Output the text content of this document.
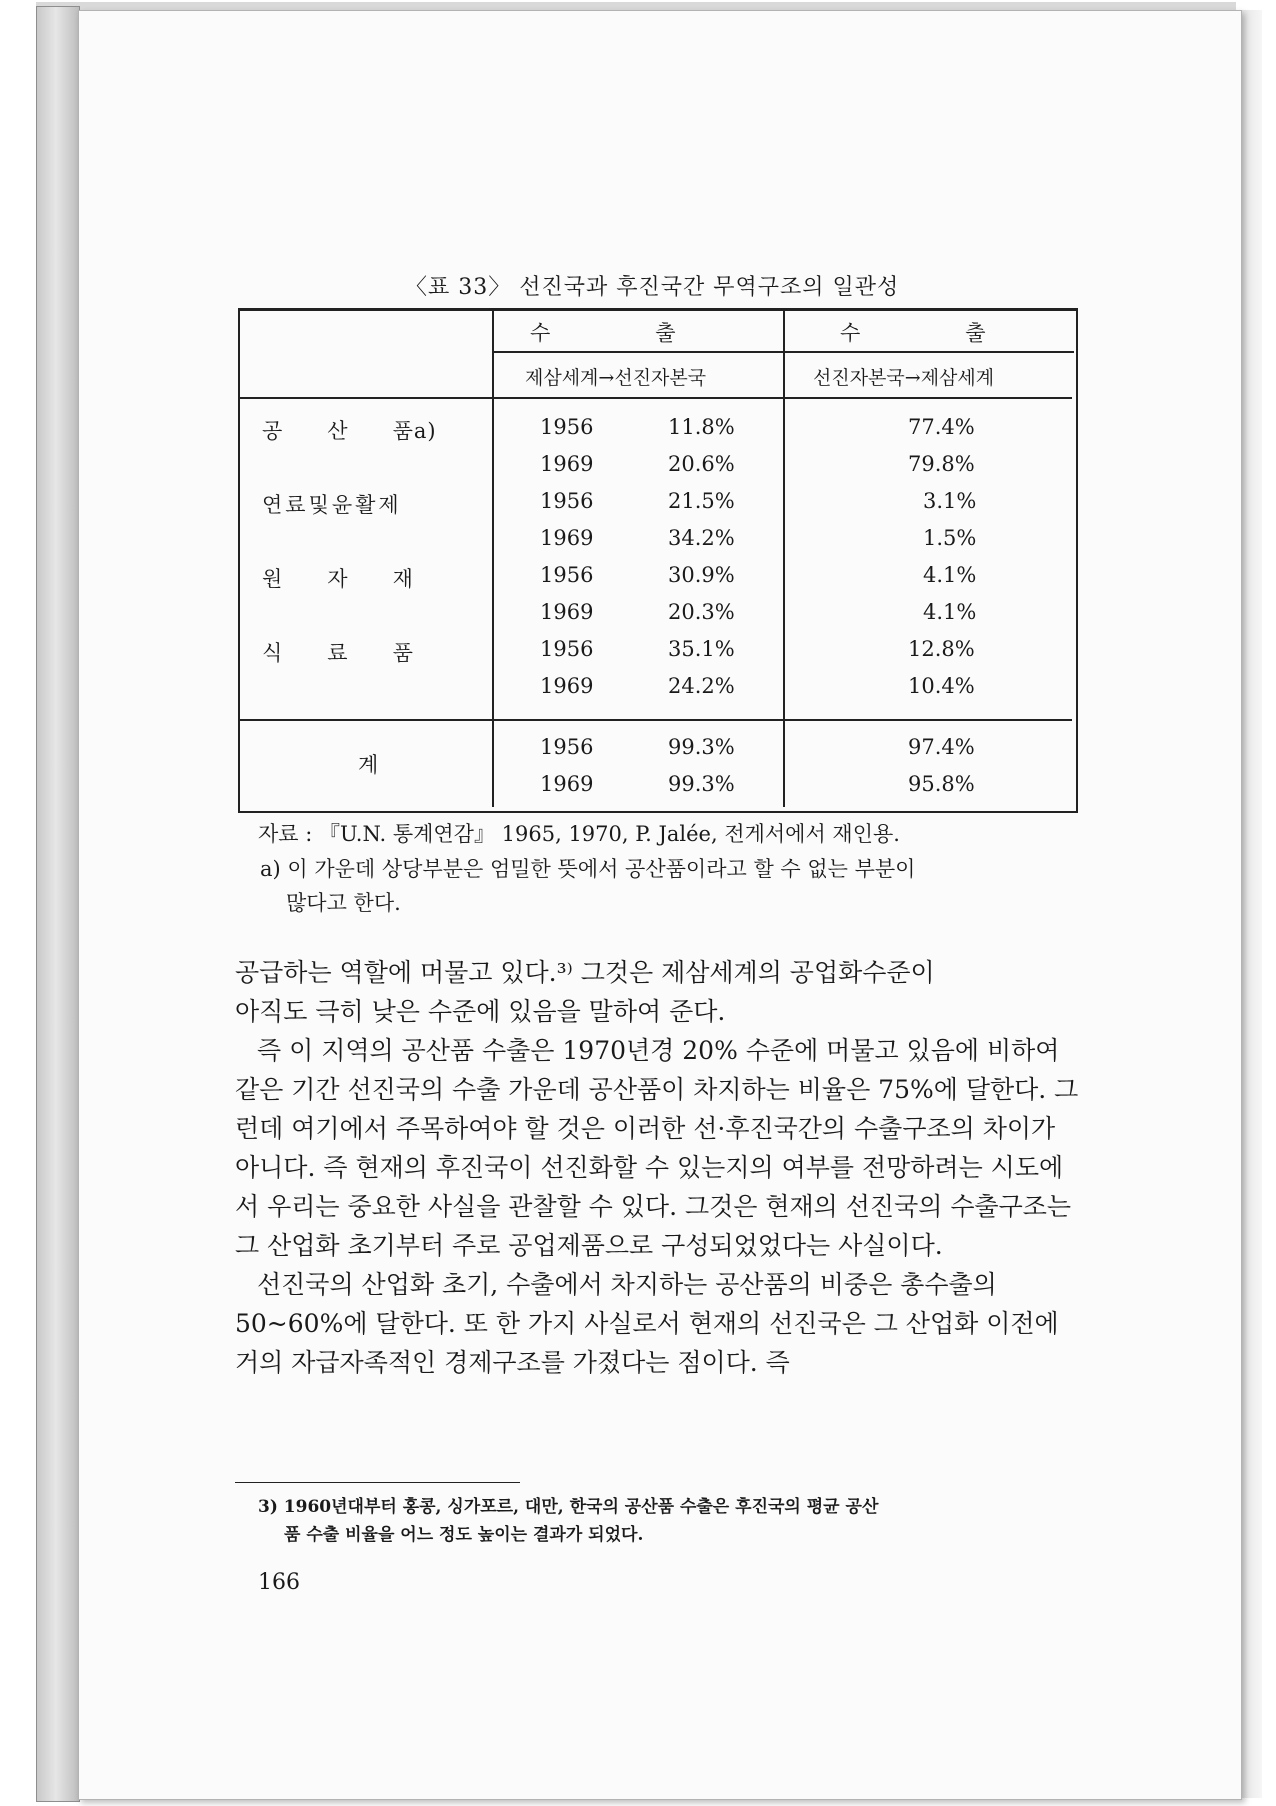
〈표 33〉 선진국과 후진국간 무역구조의 일관성
수　　　　　출	수　　　　　출
제삼세계→선진자본국	선진자본국→제삼세계
공　　산　　품a)	1956	11.8%	77.4%
1969	20.6%	79.8%
연료및윤활제	1956	21.5%	3.1%
1969	34.2%	1.5%
원　　자　　재	1956	30.9%	4.1%
1969	20.3%	4.1%
식　　료　　품	1956	35.1%	12.8%
1969	24.2%	10.4%
계
1956	99.3%	97.4%
1969	99.3%	95.8%
자료 : 『U.N. 통계연감』 1965, 1970, P. Jalée, 전게서에서 재인용.
a) 이 가운데 상당부분은 엄밀한 뜻에서 공산품이라고 할 수 없는 부분이
많다고 한다.

공급하는 역할에 머물고 있다.³⁾ 그것은 제삼세계의 공업화수준이

아직도 극히 낮은 수준에 있음을 말하여 준다.

즉 이 지역의 공산품 수출은 1970년경 20% 수준에 머물고 있음에 비하여 같은 기간 선진국의 수출 가운데 공산품이 차지하는 비율은 75%에 달한다. 그런데 여기에서 주목하여야 할 것은 이러한 선·후진국간의 수출구조의 차이가 아니다. 즉 현재의 후진국이 선진화할 수 있는지의 여부를 전망하려는 시도에서 우리는 중요한 사실을 관찰할 수 있다. 그것은 현재의 선진국의 수출구조는 그 산업화 초기부터 주로 공업제품으로 구성되었었다는 사실이다.

선진국의 산업화 초기, 수출에서 차지하는 공산품의 비중은 총수출의 50~60%에 달한다. 또 한 가지 사실로서 현재의 선진국은 그 산업화 이전에 거의 자급자족적인 경제구조를 가졌다는 점이다. 즉

3) 1960년대부터 홍콩, 싱가포르, 대만, 한국의 공산품 수출은 후진국의 평균 공산
품 수출 비율을 어느 정도 높이는 결과가 되었다.
166
